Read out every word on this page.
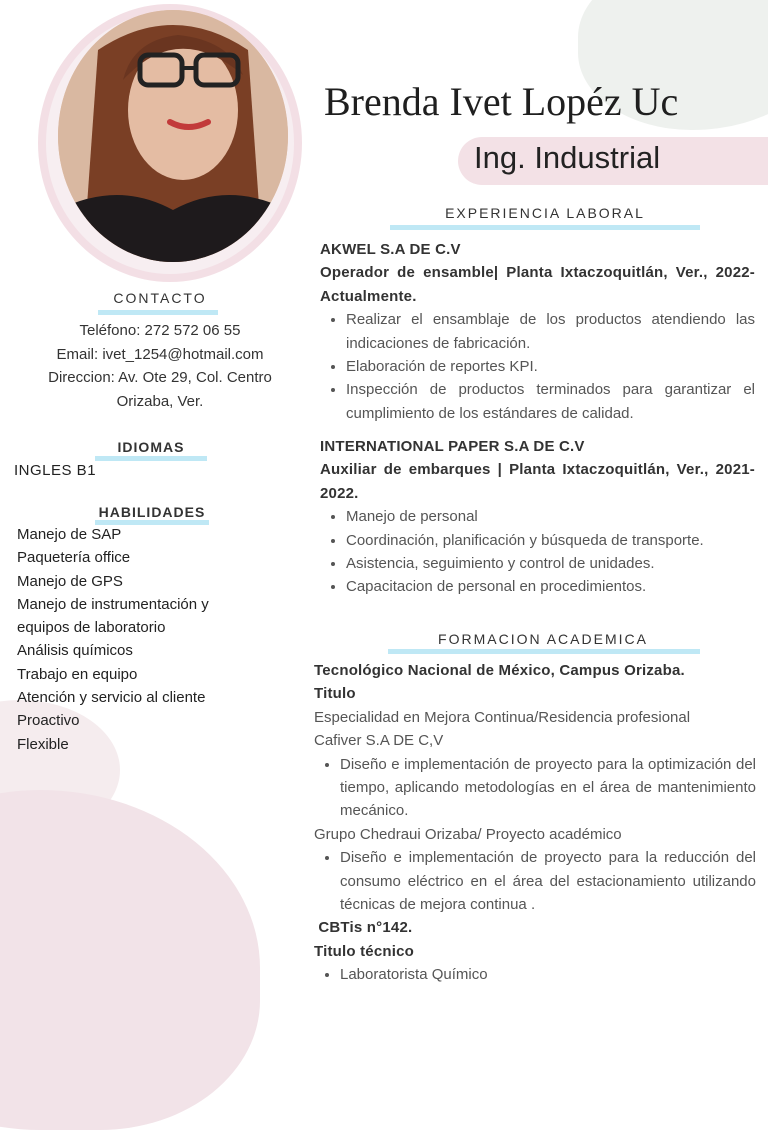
Brenda Ivet Lopéz Uc
Ing. Industrial
CONTACTO
Teléfono: 272 572 06 55
Email: ivet_1254@hotmail.com
Direccion: Av. Ote 29, Col. Centro
Orizaba, Ver.
IDIOMAS
INGLES B1
HABILIDADES
Manejo de SAP
Paquetería office
Manejo de GPS
Manejo de instrumentación y
equipos de laboratorio
Análisis químicos
Trabajo en equipo
Atención y servicio al cliente
Proactivo
Flexible
EXPERIENCIA LABORAL
AKWEL S.A DE C.V
Operador de ensamble| Planta Ixtaczoquitlán, Ver., 2022-Actualmente.
• Realizar el ensamblaje de los productos atendiendo las indicaciones de fabricación.
• Elaboración de reportes KPI.
• Inspección de productos terminados para garantizar el cumplimiento de los estándares de calidad.
INTERNATIONAL PAPER S.A DE C.V
Auxiliar de embarques | Planta Ixtaczoquitlán, Ver., 2021-2022.
• Manejo de personal
• Coordinación, planificación y búsqueda de transporte.
• Asistencia, seguimiento y control de unidades.
• Capacitacion de personal en procedimientos.
FORMACION ACADEMICA
Tecnológico Nacional de México, Campus Orizaba.
Titulo
Especialidad en Mejora Continua/Residencia profesional
Cafiver S.A DE C,V
• Diseño e implementación de proyecto para la optimización del tiempo, aplicando metodologías en el área de mantenimiento mecánico.
Grupo Chedraui Orizaba/ Proyecto académico
• Diseño e implementación de proyecto para la reducción del consumo eléctrico en el área del estacionamiento utilizando técnicas de mejora continua .
CBTis n°142.
Titulo técnico
• Laboratorista Químico
